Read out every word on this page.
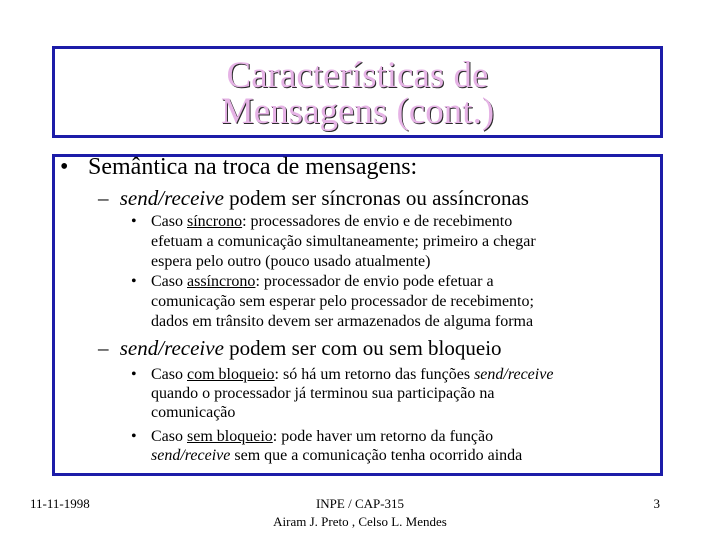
Características de
Mensagens (cont.)
• Semântica na troca de mensagens:
– send/receive podem ser síncronas ou assíncronas
• Caso síncrono: processadores de envio e de recebimento
efetuam a comunicação simultaneamente; primeiro a chegar
espera pelo outro (pouco usado atualmente)
• Caso assíncrono: processador de envio pode efetuar a
comunicação sem esperar pelo processador de recebimento;
dados em trânsito devem ser armazenados de alguma forma
– send/receive podem ser com ou sem bloqueio
• Caso com bloqueio: só há um retorno das funções send/receive
quando o processador já terminou sua participação na
comunicação
• Caso sem bloqueio: pode haver um retorno da função
send/receive sem que a comunicação tenha ocorrido ainda
11-11-1998	INPE / CAP-315
Airam J. Preto , Celso L. Mendes
3
